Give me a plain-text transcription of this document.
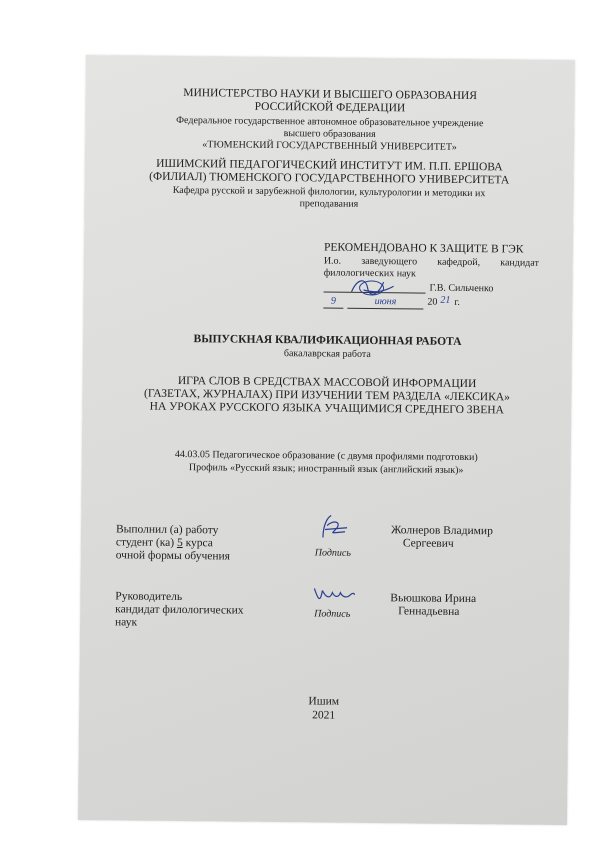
МИНИСТЕРСТВО НАУКИ И ВЫСШЕГО ОБРАЗОВАНИЯ
РОССИЙСКОЙ ФЕДЕРАЦИИ
Федеральное государственное автономное образовательное учреждение
высшего образования
«ТЮМЕНСКИЙ ГОСУДАРСТВЕННЫЙ УНИВЕРСИТЕТ»
ИШИМСКИЙ ПЕДАГОГИЧЕСКИЙ ИНСТИТУТ ИМ. П.П. ЕРШОВА
(ФИЛИАЛ) ТЮМЕНСКОГО ГОСУДАРСТВЕННОГО УНИВЕРСИТЕТА
Кафедра русской и зарубежной филологии, культурологии и методики их
преподавания
РЕКОМЕНДОВАНО К ЗАЩИТЕ В ГЭК
И.о. заведующего кафедрой, кандидат
филологических наук
Г.В. Сильченко
9	июня	20 21 г.
ВЫПУСКНАЯ КВАЛИФИКАЦИОННАЯ РАБОТА
бакалаврская работа
ИГРА СЛОВ В СРЕДСТВАХ МАССОВОЙ ИНФОРМАЦИИ
(ГАЗЕТАХ, ЖУРНАЛАХ) ПРИ ИЗУЧЕНИИ ТЕМ РАЗДЕЛА «ЛЕКСИКА»
НА УРОКАХ РУССКОГО ЯЗЫКА УЧАЩИМИСЯ СРЕДНЕГО ЗВЕНА
44.03.05 Педагогическое образование (с двумя профилями подготовки)
Профиль «Русский язык; иностранный язык (английский язык)»
Выполнил (а) работу
студент (ка) 5 курса
очной формы обучения	Подпись
Жолнеров Владимир
Сергеевич
Руководитель
кандидат филологических
наук
Подпись
Вьюшкова Ирина
Геннадьевна
Ишим
2021
